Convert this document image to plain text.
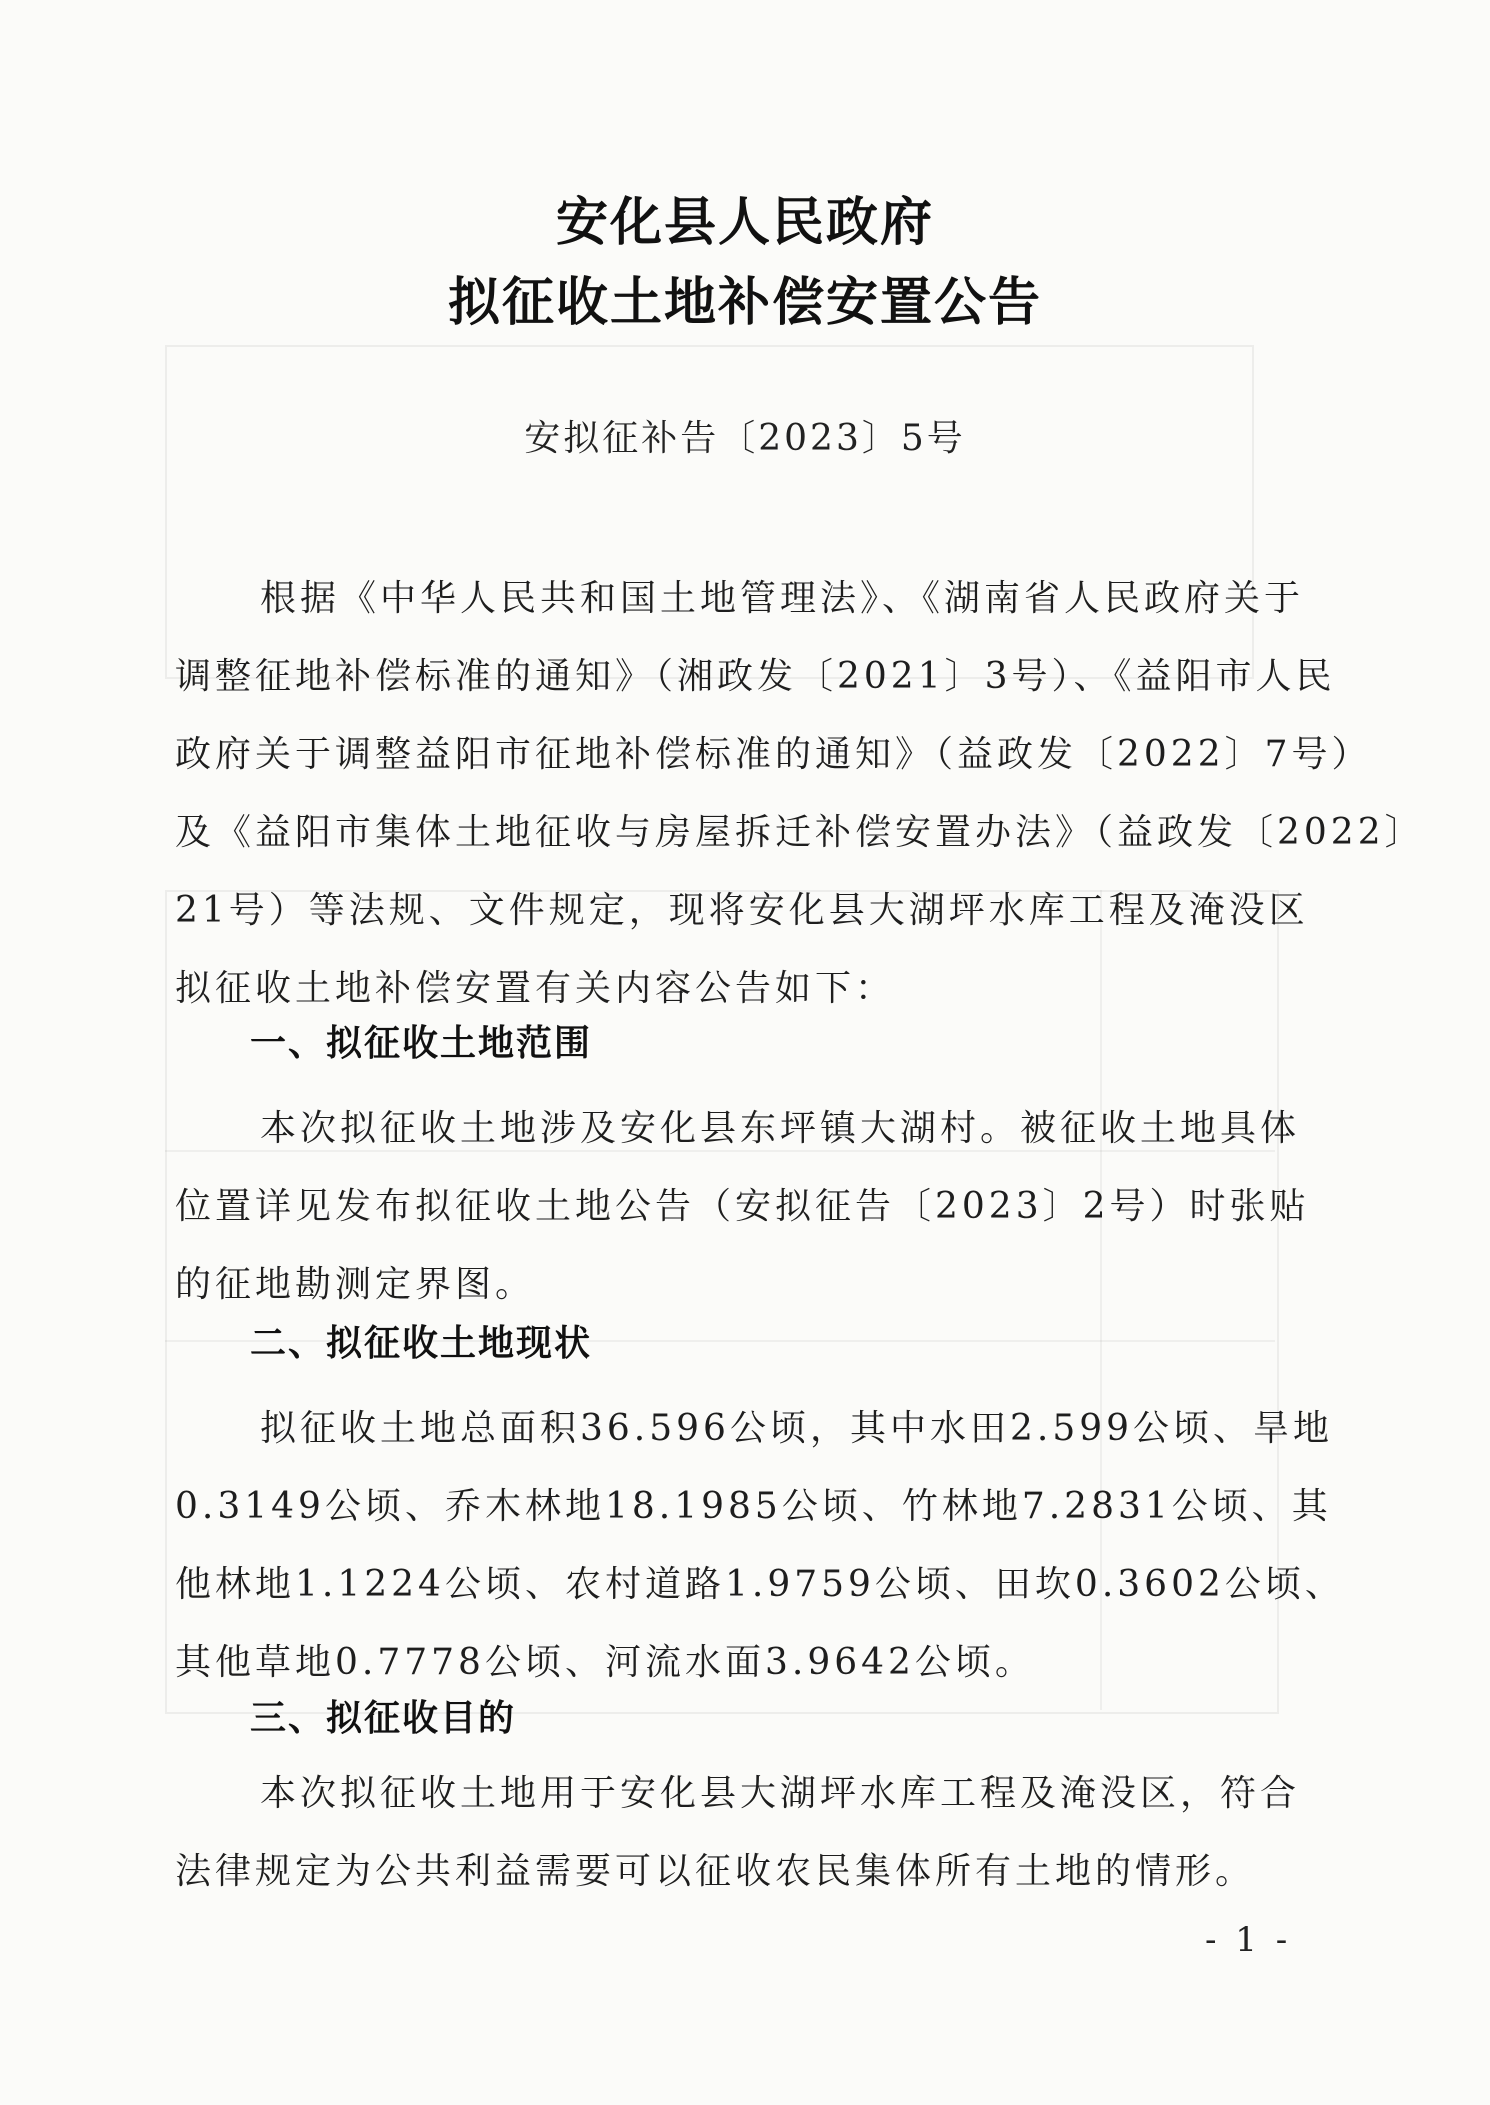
安化县人民政府
拟征收土地补偿安置公告
安拟征补告〔2023〕5号
根据《中华人民共和国土地管理法》、《湖南省人民政府关于
调整征地补偿标准的通知》（湘政发〔2021〕3号）、《益阳市人民
政府关于调整益阳市征地补偿标准的通知》（益政发〔2022〕7号）
及《益阳市集体土地征收与房屋拆迁补偿安置办法》（益政发〔2022〕
21号）等法规、文件规定，现将安化县大湖坪水库工程及淹没区
拟征收土地补偿安置有关内容公告如下：
一、拟征收土地范围
本次拟征收土地涉及安化县东坪镇大湖村。被征收土地具体
位置详见发布拟征收土地公告（安拟征告〔2023〕2号）时张贴
的征地勘测定界图。
二、拟征收土地现状
拟征收土地总面积36.596公顷，其中水田2.599公顷、旱地
0.3149公顷、乔木林地18.1985公顷、竹林地7.2831公顷、其
他林地1.1224公顷、农村道路1.9759公顷、田坎0.3602公顷、
其他草地0.7778公顷、河流水面3.9642公顷。
三、拟征收目的
本次拟征收土地用于安化县大湖坪水库工程及淹没区，符合
法律规定为公共利益需要可以征收农民集体所有土地的情形。
- 1 -
